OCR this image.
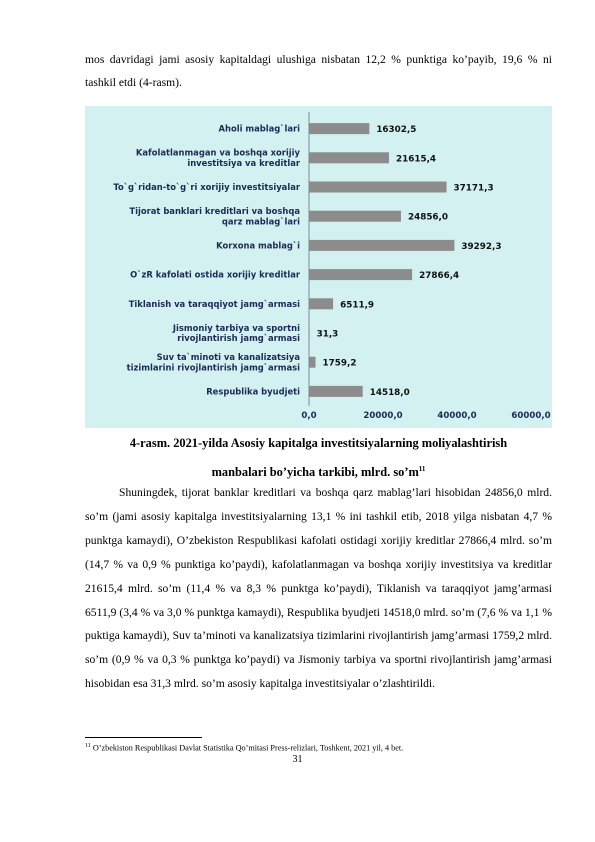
mos davridagi jami asosiy kapitaldagi ulushiga nisbatan 12,2 % punktiga ko’payib, 19,6 % ni tashkil etdi (4-rasm).
Aholi mablag`lari
Kafolatlanmagan va boshqa xorijiy
investitsiya va kreditlar
To`g`ridan-to`g`ri xorijiy investitsiyalar
Tijorat banklari kreditlari va boshqa
qarz mablag`lari
Korxona mablag`i
O`zR kafolati ostida xorijiy kreditlar
Tiklanish va taraqqiyot jamg`armasi
Jismoniy tarbiya va sportni
rivojlantirish jamg`armasi
Suv ta`minoti va kanalizatsiya
tizimlarini rivojlantirish jamg`armasi
Respublika byudjeti
16302,5
21615,4
37171,3
24856,0
39292,3
27866,4
6511,9
31,3
1759,2
14518,0
0,0	20000,0	40000,0	60000,0
4-rasm. 2021-yilda Asosiy kapitalga investitsiyalarning moliyalashtirish
manbalari bo’yicha tarkibi, mlrd. $so’m^{11}$
Shuningdek, tijorat banklar kreditlari va boshqa qarz mablag’lari hisobidan 24856,0 mlrd. so’m (jami asosiy kapitalga investitsiyalarning 13,1 % ini tashkil etib, 2018 yilga nisbatan 4,7 % punktga kamaydi), O’zbekiston Respublikasi kafolati ostidagi xorijiy kreditlar 27866,4 mlrd. so’m (14,7 % va 0,9 % punktiga ko’paydi), kafolatlanmagan va boshqa xorijiy investitsiya va kreditlar 21615,4 mlrd. so’m (11,4 % va 8,3 % punktga ko’paydi), Tiklanish va taraqqiyot jamg’armasi 6511,9 (3,4 % va 3,0 % punktga kamaydi), Respublika byudjeti 14518,0 mlrd. so’m (7,6 % va 1,1 % puktiga kamaydi), Suv ta’minoti va kanalizatsiya tizimlarini rivojlantirish jamg’armasi 1759,2 mlrd. so’m (0,9 % va 0,3 % punktga ko’paydi) va Jismoniy tarbiya va sportni rivojlantirish jamg’armasi hisobidan esa 31,3 mlrd. so’m asosiy kapitalga investitsiyalar o’zlashtirildi.
$^{11}$ O’zbekiston Respublikasi Davlat Statistika Qo’mitasi Press-relizlari, Toshkent, 2021 yil, 4 bet.
31
